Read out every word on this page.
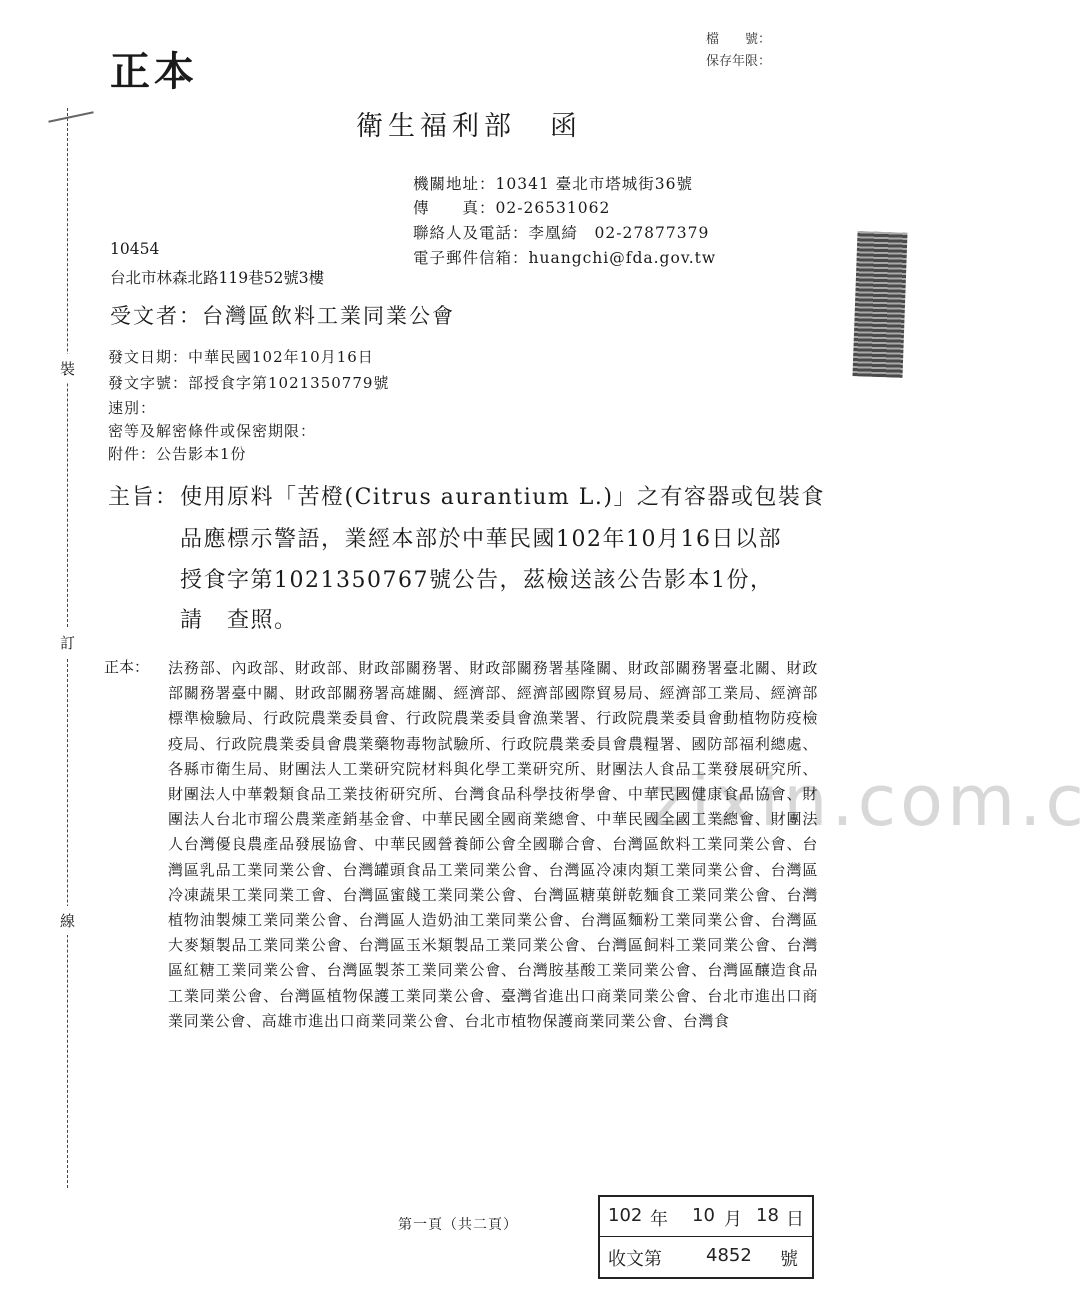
裝
訂
線
zixin.com.c
正本
檔　　號：
保存年限：
衛生福利部 函
機關地址：10341 臺北市塔城街36號
傳　　真：02-26531062
聯絡人及電話：李凰綺　02-27877379
電子郵件信箱：huangchi@fda.gov.tw
10454
台北市林森北路119巷52號3樓
受文者：台灣區飲料工業同業公會
發文日期：中華民國102年10月16日
發文字號：部授食字第1021350779號
速別：
密等及解密條件或保密期限：
附件：公告影本1份
主旨： 使用原料「苦橙(Citrus aurantium L.)」之有容器或包裝食
品應標示警語，業經本部於中華民國102年10月16日以部
授食字第1021350767號公告，茲檢送該公告影本1份，
請　查照。
正本： 法務部、內政部、財政部、財政部關務署、財政部關務署基隆關、財政部關務署臺北關、財政部關務署臺中關、財政部關務署高雄關、經濟部、經濟部國際貿易局、經濟部工業局、經濟部標準檢驗局、行政院農業委員會、行政院農業委員會漁業署、行政院農業委員會動植物防疫檢疫局、行政院農業委員會農業藥物毒物試驗所、行政院農業委員會農糧署、國防部福利總處、各縣市衛生局、財團法人工業研究院材料與化學工業研究所、財團法人食品工業發展研究所、財團法人中華穀類食品工業技術研究所、台灣食品科學技術學會、中華民國健康食品協會、財團法人台北市瑠公農業產銷基金會、中華民國全國商業總會、中華民國全國工業總會、財團法人台灣優良農產品發展協會、中華民國營養師公會全國聯合會、台灣區飲料工業同業公會、台灣區乳品工業同業公會、台灣罐頭食品工業同業公會、台灣區冷凍肉類工業同業公會、台灣區冷凍蔬果工業同業工會、台灣區蜜餞工業同業公會、台灣區糖菓餅乾麵食工業同業公會、台灣植物油製煉工業同業公會、台灣區人造奶油工業同業公會、台灣區麵粉工業同業公會、台灣區大麥類製品工業同業公會、台灣區玉米類製品工業同業公會、台灣區飼料工業同業公會、台灣區紅糖工業同業公會、台灣區製茶工業同業公會、台灣胺基酸工業同業公會、台灣區釀造食品工業同業公會、台灣區植物保護工業同業公會、臺灣省進出口商業同業公會、台北市進出口商業同業公會、高雄市進出口商業同業公會、台北市植物保護商業同業公會、台灣食
第一頁（共二頁）	102 年 10 月 18 日
收文第 4852 號
